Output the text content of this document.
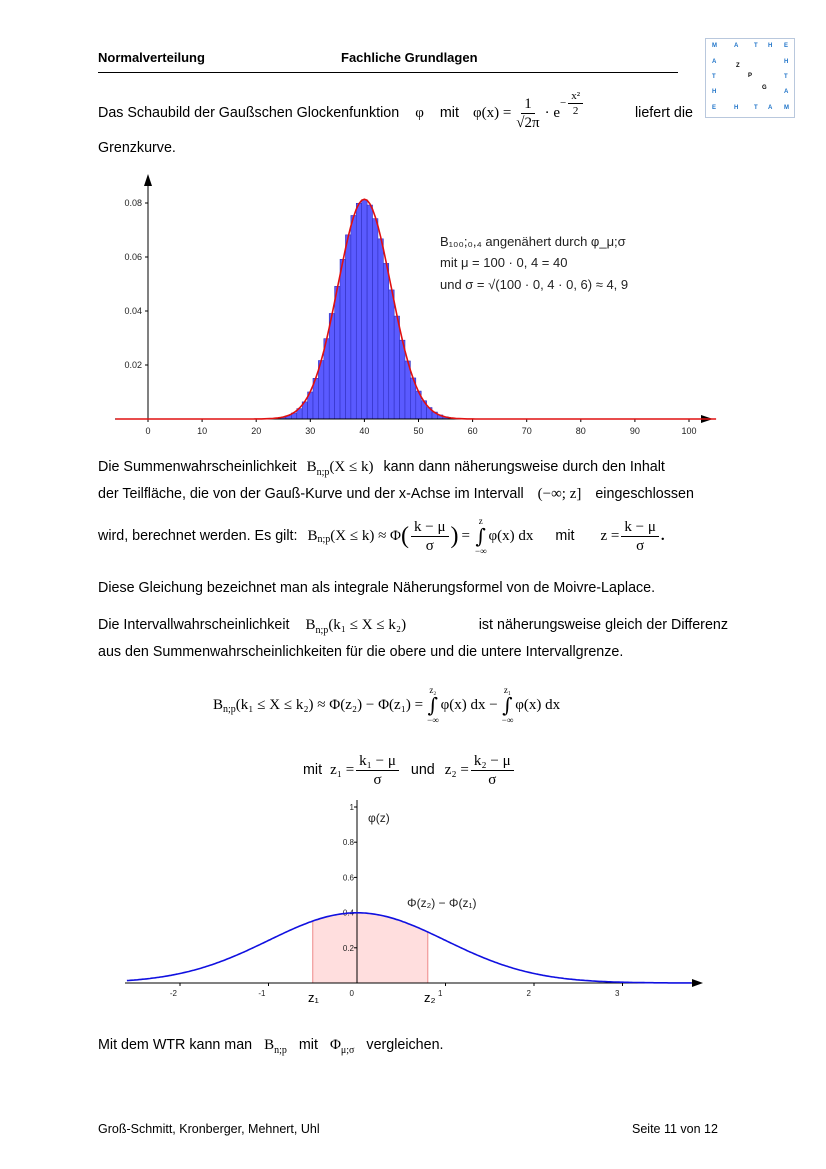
Normalverteilung	Fachliche Grundlagen
M	A	T H E
A	H
T	T
H	A
E	H	T A M
Z
P
G
Das Schaubild der Gaußschen Glockenfunktion φ mit $\varphi(x) = \frac{1}{√2\pi} \cdot e$
− $\frac{\text{x²}}{2}$	liefert die
Grenzkurve.
B₁₀₀;₀,₄ angenähert durch φ_μ;σ
mit μ = 100 · 0, 4 = 40
und σ = √(100 · 0, 4 · 0, 6) ≈ 4, 9
0	10	20	30	40	50	60	70	80	90	100
0.02
0.04
0.06
0.08
Die Summenwahrscheinlichkeit $B_{n;p}(X \le k)$ kann dann näherungsweise durch den Inhalt
der Teilfläche, die von der Gauß-Kurve und der x-Achse im Intervall (−∞; z] eingeschlossen
wird, berechnet werden. Es gilt: B n;p (X ≤ k) ≈ Φ ( $\frac{k - \mu}{\sigma}$ ) =
z
∫
−∞
φ(x) dx mit $z = \frac{k - \mu}{\sigma}$ .
Diese Gleichung bezeichnet man als integrale Näherungsformel von de Moivre-Laplace.
Die Intervallwahrscheinlichkeit $B_{n;p}(k_1 \le X \le k_2)$	ist näherungsweise gleich der Differenz
aus den Summenwahrscheinlichkeiten für die obere und die untere Intervallgrenze.
B n;p (k₁ ≤ X ≤ k₂) ≈ Φ(z₂) − Φ(z₁) =
z₂
∫
−∞
φ(x) dx −
z₁
∫
−∞
φ(x) dx
mit $z_1 = \frac{\text{k₁ − μ}}{\sigma}$ und $z_2 = \frac{\text{k₂ − μ}}{\sigma}$
φ(z)
Φ(z₂) − Φ(z₁)
z₁	z₂
-2	-1	1	2	3
0
0.2
0.4
0.6
0.8
1
Mit dem WTR kann man $B_{n;p}$ mit $\Phi_{\mu;\sigma}$ vergleichen.
Groß-Schmitt, Kronberger, Mehnert, Uhl	Seite 11 von 12
